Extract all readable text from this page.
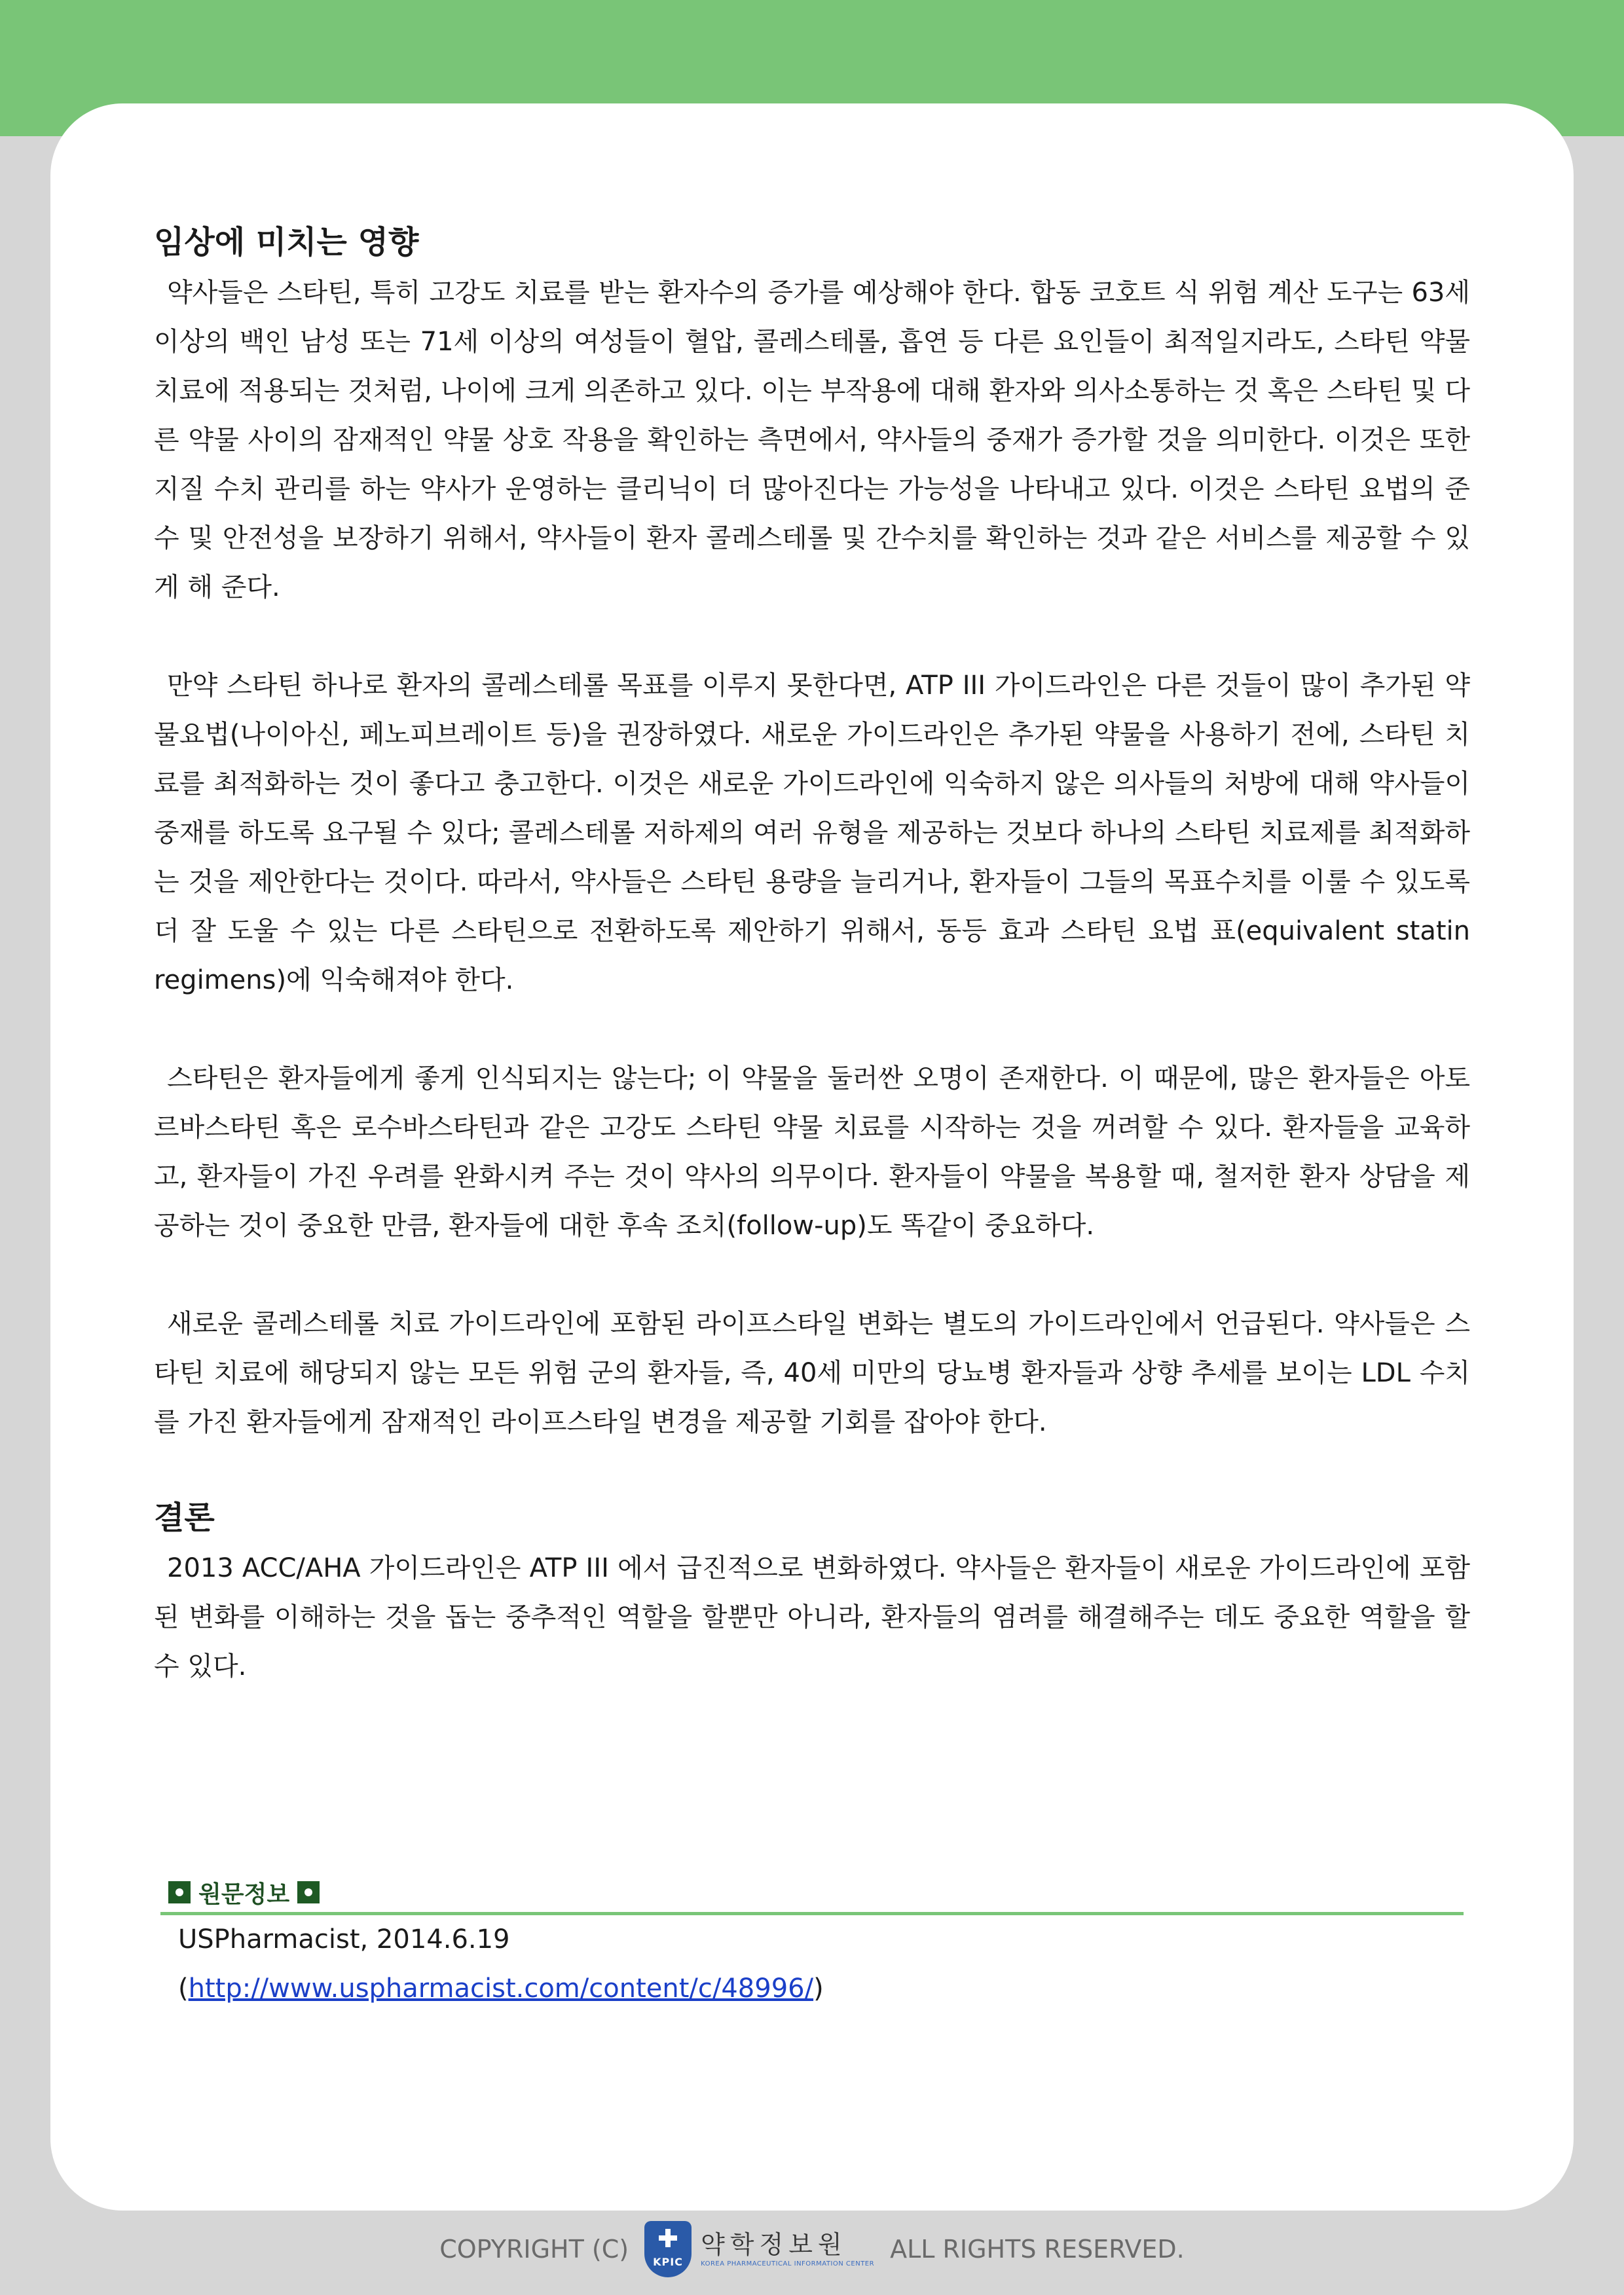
임상에 미치는 영향

약사들은 스타틴, 특히 고강도 치료를 받는 환자수의 증가를 예상해야 한다. 합동 코호트 식 위험 계산 도구는 63세 이상의 백인 남성 또는 71세 이상의 여성들이 혈압, 콜레스테롤, 흡연 등 다른 요인들이 최적일지라도, 스타틴 약물 치료에 적용되는 것처럼, 나이에 크게 의존하고 있다. 이는 부작용에 대해 환자와 의사소통하는 것 혹은 스타틴 및 다른 약물 사이의 잠재적인 약물 상호 작용을 확인하는 측면에서, 약사들의 중재가 증가할 것을 의미한다. 이것은 또한 지질 수치 관리를 하는 약사가 운영하는 클리닉이 더 많아진다는 가능성을 나타내고 있다. 이것은 스타틴 요법의 준수 및 안전성을 보장하기 위해서, 약사들이 환자 콜레스테롤 및 간수치를 확인하는 것과 같은 서비스를 제공할 수 있게 해 준다.

만약 스타틴 하나로 환자의 콜레스테롤 목표를 이루지 못한다면, ATP III 가이드라인은 다른 것들이 많이 추가된 약물요법(나이아신, 페노피브레이트 등)을 권장하였다. 새로운 가이드라인은 추가된 약물을 사용하기 전에, 스타틴 치료를 최적화하는 것이 좋다고 충고한다. 이것은 새로운 가이드라인에 익숙하지 않은 의사들의 처방에 대해 약사들이 중재를 하도록 요구될 수 있다; 콜레스테롤 저하제의 여러 유형을 제공하는 것보다 하나의 스타틴 치료제를 최적화하는 것을 제안한다는 것이다. 따라서, 약사들은 스타틴 용량을 늘리거나, 환자들이 그들의 목표수치를 이룰 수 있도록 더 잘 도울 수 있는 다른 스타틴으로 전환하도록 제안하기 위해서, 동등 효과 스타틴 요법 표(equivalent statin regimens)에 익숙해져야 한다.

스타틴은 환자들에게 좋게 인식되지는 않는다; 이 약물을 둘러싼 오명이 존재한다. 이 때문에, 많은 환자들은 아토르바스타틴 혹은 로수바스타틴과 같은 고강도 스타틴 약물 치료를 시작하는 것을 꺼려할 수 있다. 환자들을 교육하고, 환자들이 가진 우려를 완화시켜 주는 것이 약사의 의무이다. 환자들이 약물을 복용할 때, 철저한 환자 상담을 제공하는 것이 중요한 만큼, 환자들에 대한 후속 조치(follow-up)도 똑같이 중요하다.

새로운 콜레스테롤 치료 가이드라인에 포함된 라이프스타일 변화는 별도의 가이드라인에서 언급된다. 약사들은 스타틴 치료에 해당되지 않는 모든 위험 군의 환자들, 즉, 40세 미만의 당뇨병 환자들과 상향 추세를 보이는 LDL 수치를 가진 환자들에게 잠재적인 라이프스타일 변경을 제공할 기회를 잡아야 한다.

결론

2013 ACC/AHA 가이드라인은 ATP III 에서 급진적으로 변화하였다. 약사들은 환자들이 새로운 가이드라인에 포함된 변화를 이해하는 것을 돕는 중추적인 역할을 할뿐만 아니라, 환자들의 염려를 해결해주는 데도 중요한 역할을 할 수 있다.

원문정보
USPharmacist, 2014.6.19
(http://www.uspharmacist.com/content/c/48996/)
COPYRIGHT (C) KPIC
약학정보원
KOREA PHARMACEUTICAL INFORMATION CENTER
ALL RIGHTS RESERVED.
